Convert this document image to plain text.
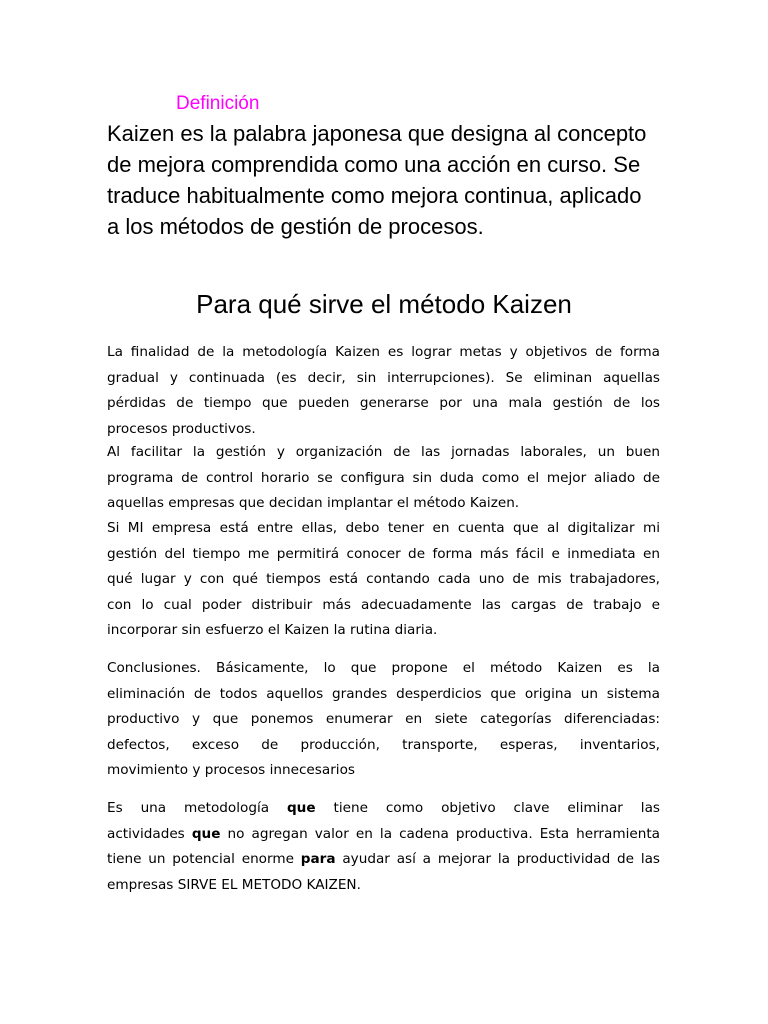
Definición
Kaizen es la palabra japonesa que designa al concepto
de mejora comprendida como una acción en curso. Se
traduce habitualmente como mejora continua, aplicado
a los métodos de gestión de procesos.
Para qué sirve el método Kaizen
La finalidad de la metodología Kaizen es lograr metas y objetivos de forma
gradual y continuada (es decir, sin interrupciones). Se eliminan aquellas
pérdidas de tiempo que pueden generarse por una mala gestión de los
procesos productivos.
Al facilitar la gestión y organización de las jornadas laborales, un buen
programa de control horario se configura sin duda como el mejor aliado de
aquellas empresas que decidan implantar el método Kaizen.
Si MI empresa está entre ellas, debo tener en cuenta que al digitalizar mi
gestión del tiempo me permitirá conocer de forma más fácil e inmediata en
qué lugar y con qué tiempos está contando cada uno de mis trabajadores,
con lo cual poder distribuir más adecuadamente las cargas de trabajo e
incorporar sin esfuerzo el Kaizen la rutina diaria.
Conclusiones. Básicamente, lo que propone el método Kaizen es la
eliminación de todos aquellos grandes desperdicios que origina un sistema
productivo y que ponemos enumerar en siete categorías diferenciadas:
defectos, exceso de producción, transporte, esperas, inventarios,
movimiento y procesos innecesarios
Es una metodología que tiene como objetivo clave eliminar las
actividades que no agregan valor en la cadena productiva. Esta herramienta
tiene un potencial enorme para ayudar así a mejorar la productividad de las
empresas SIRVE EL METODO KAIZEN.
